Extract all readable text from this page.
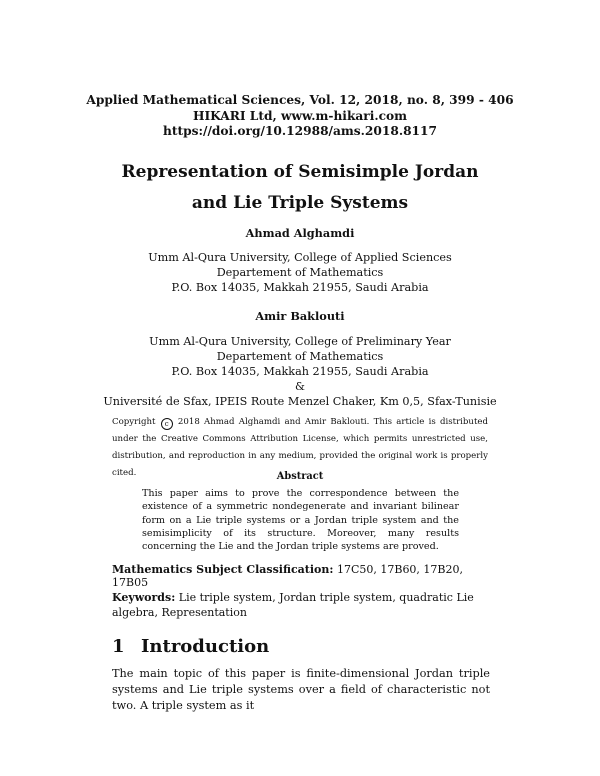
Applied Mathematical Sciences, Vol. 12, 2018, no. 8, 399 - 406
HIKARI Ltd, www.m-hikari.com
https://doi.org/10.12988/ams.2018.8117
Representation of Semisimple Jordan
and Lie Triple Systems
Ahmad Alghamdi
Umm Al-Qura University, College of Applied Sciences
Departement of Mathematics
P.O. Box 14035, Makkah 21955, Saudi Arabia
Amir Baklouti
Umm Al-Qura University, College of Preliminary Year
Departement of Mathematics
P.O. Box 14035, Makkah 21955, Saudi Arabia
&
Université de Sfax, IPEIS Route Menzel Chaker, Km 0,5, Sfax-Tunisie
Copyright c 2018 Ahmad Alghamdi and Amir Baklouti. This article is distributed under the Creative Commons Attribution License, which permits unrestricted use, distribution, and reproduction in any medium, provided the original work is properly cited.	Abstract
This paper aims to prove the correspondence between the existence of a symmetric nondegenerate and invariant bilinear form on a Lie triple systems or a Jordan triple system and the semisimplicity of its structure. Moreover, many results concerning the Lie and the Jordan triple systems are proved.
Mathematics Subject Classification: 17C50, 17B60, 17B20, 17B05
Keywords: Lie triple system, Jordan triple system, quadratic Lie algebra, Representation
1 Introduction
The main topic of this paper is finite-dimensional Jordan triple systems and Lie triple systems over a field of characteristic not two. A triple system as it
